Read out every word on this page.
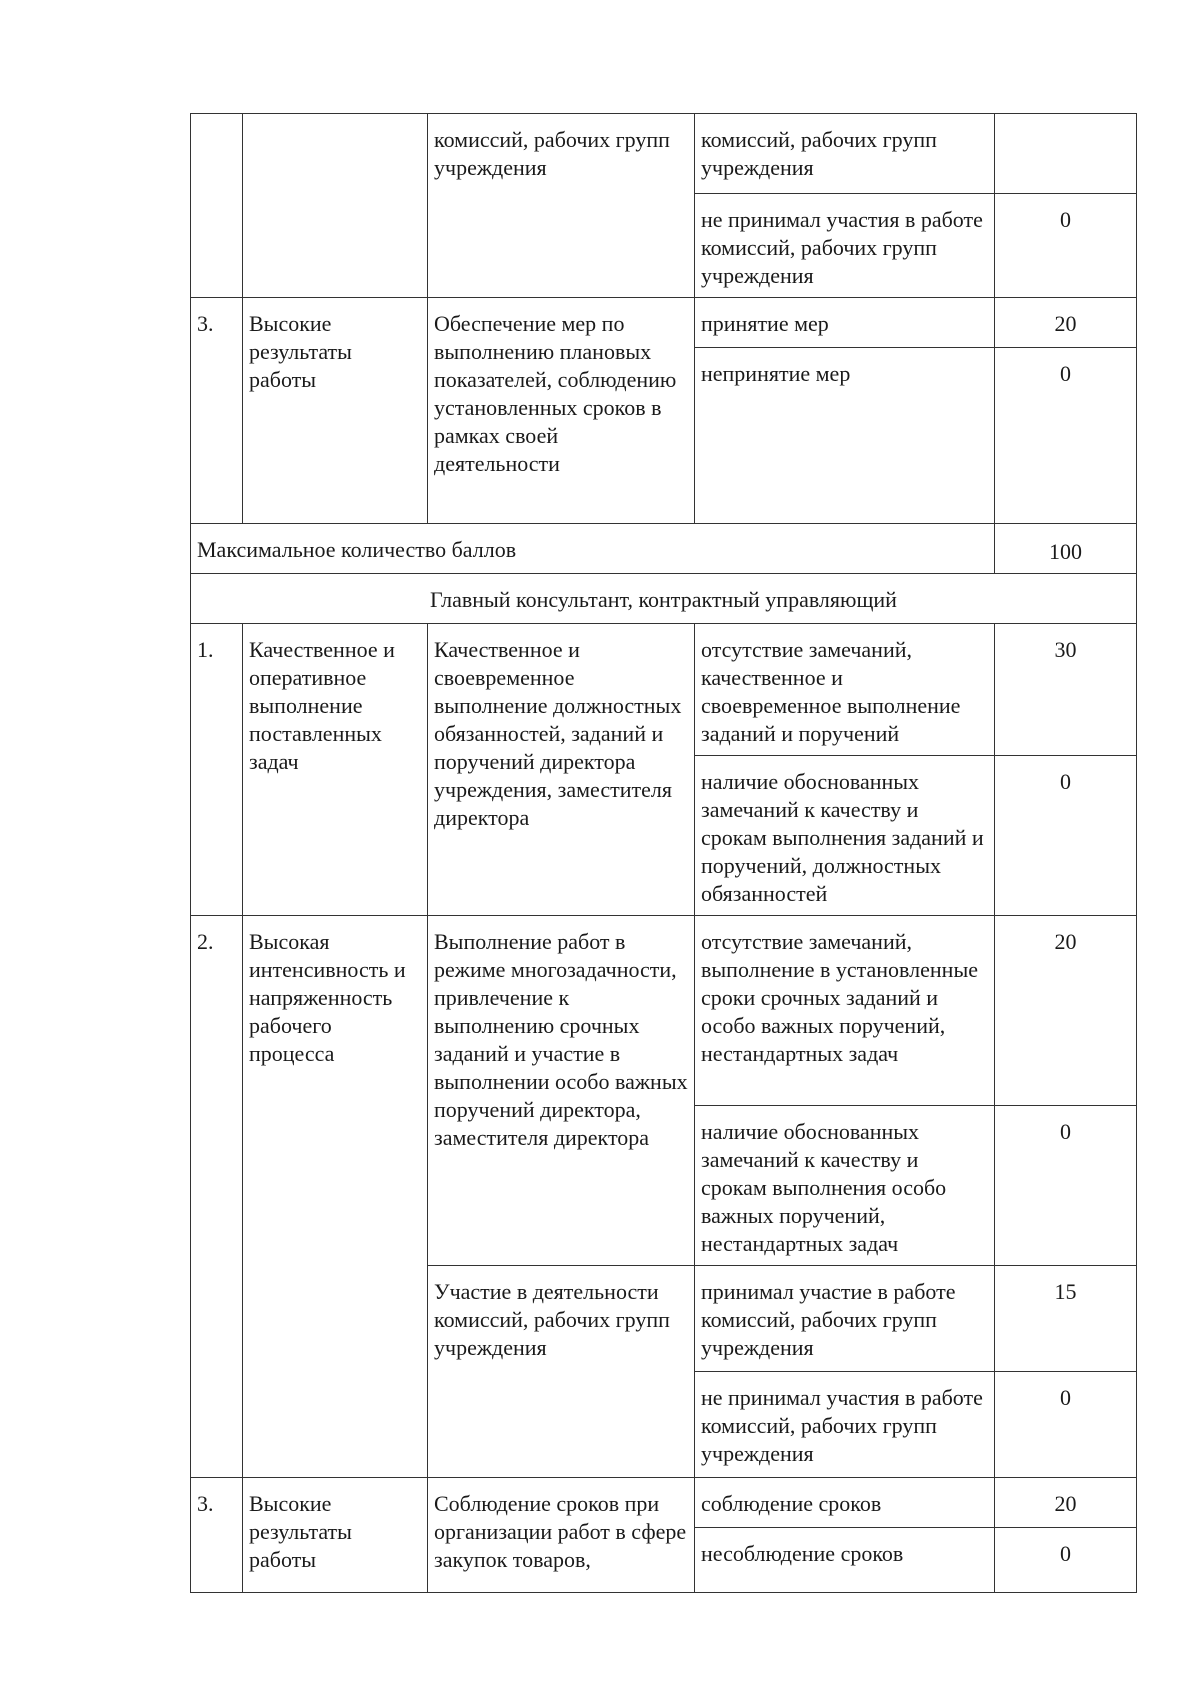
		комиссий, рабочих групп учреждения	комиссий, рабочих групп учреждения	
			не принимал участия в работе комиссий, рабочих групп учреждения	0
3.	Высокие результаты работы	Обеспечение мер по выполнению плановых показателей, соблюдению установленных сроков в рамках своей деятельности	принятие мер	20
			непринятие мер	0
Максимальное количество баллов				100
Главный консультант, контрактный управляющий				
1.	Качественное и оперативное выполнение поставленных задач	Качественное и своевременное выполнение должностных обязанностей, заданий и поручений директора учреждения, заместителя директора	отсутствие замечаний, качественное и своевременное выполнение заданий и поручений	30
			наличие обоснованных замечаний к качеству и срокам выполнения заданий и поручений, должностных обязанностей	0
2.	Высокая интенсивность и напряженность рабочего процесса	Выполнение работ в режиме многозадачности, привлечение к выполнению срочных заданий и участие в выполнении особо важных поручений директора, заместителя директора	отсутствие замечаний, выполнение в установленные сроки срочных заданий и особо важных поручений, нестандартных задач	20
			наличие обоснованных замечаний к качеству и срокам выполнения особо важных поручений, нестандартных задач	0
		Участие в деятельности комиссий, рабочих групп учреждения	принимал участие в работе комиссий, рабочих групп учреждения	15
			не принимал участия в работе комиссий, рабочих групп учреждения	0
3.	Высокие результаты работы	Соблюдение сроков при организации работ в сфере закупок товаров,	соблюдение сроков	20
			несоблюдение сроков	0
